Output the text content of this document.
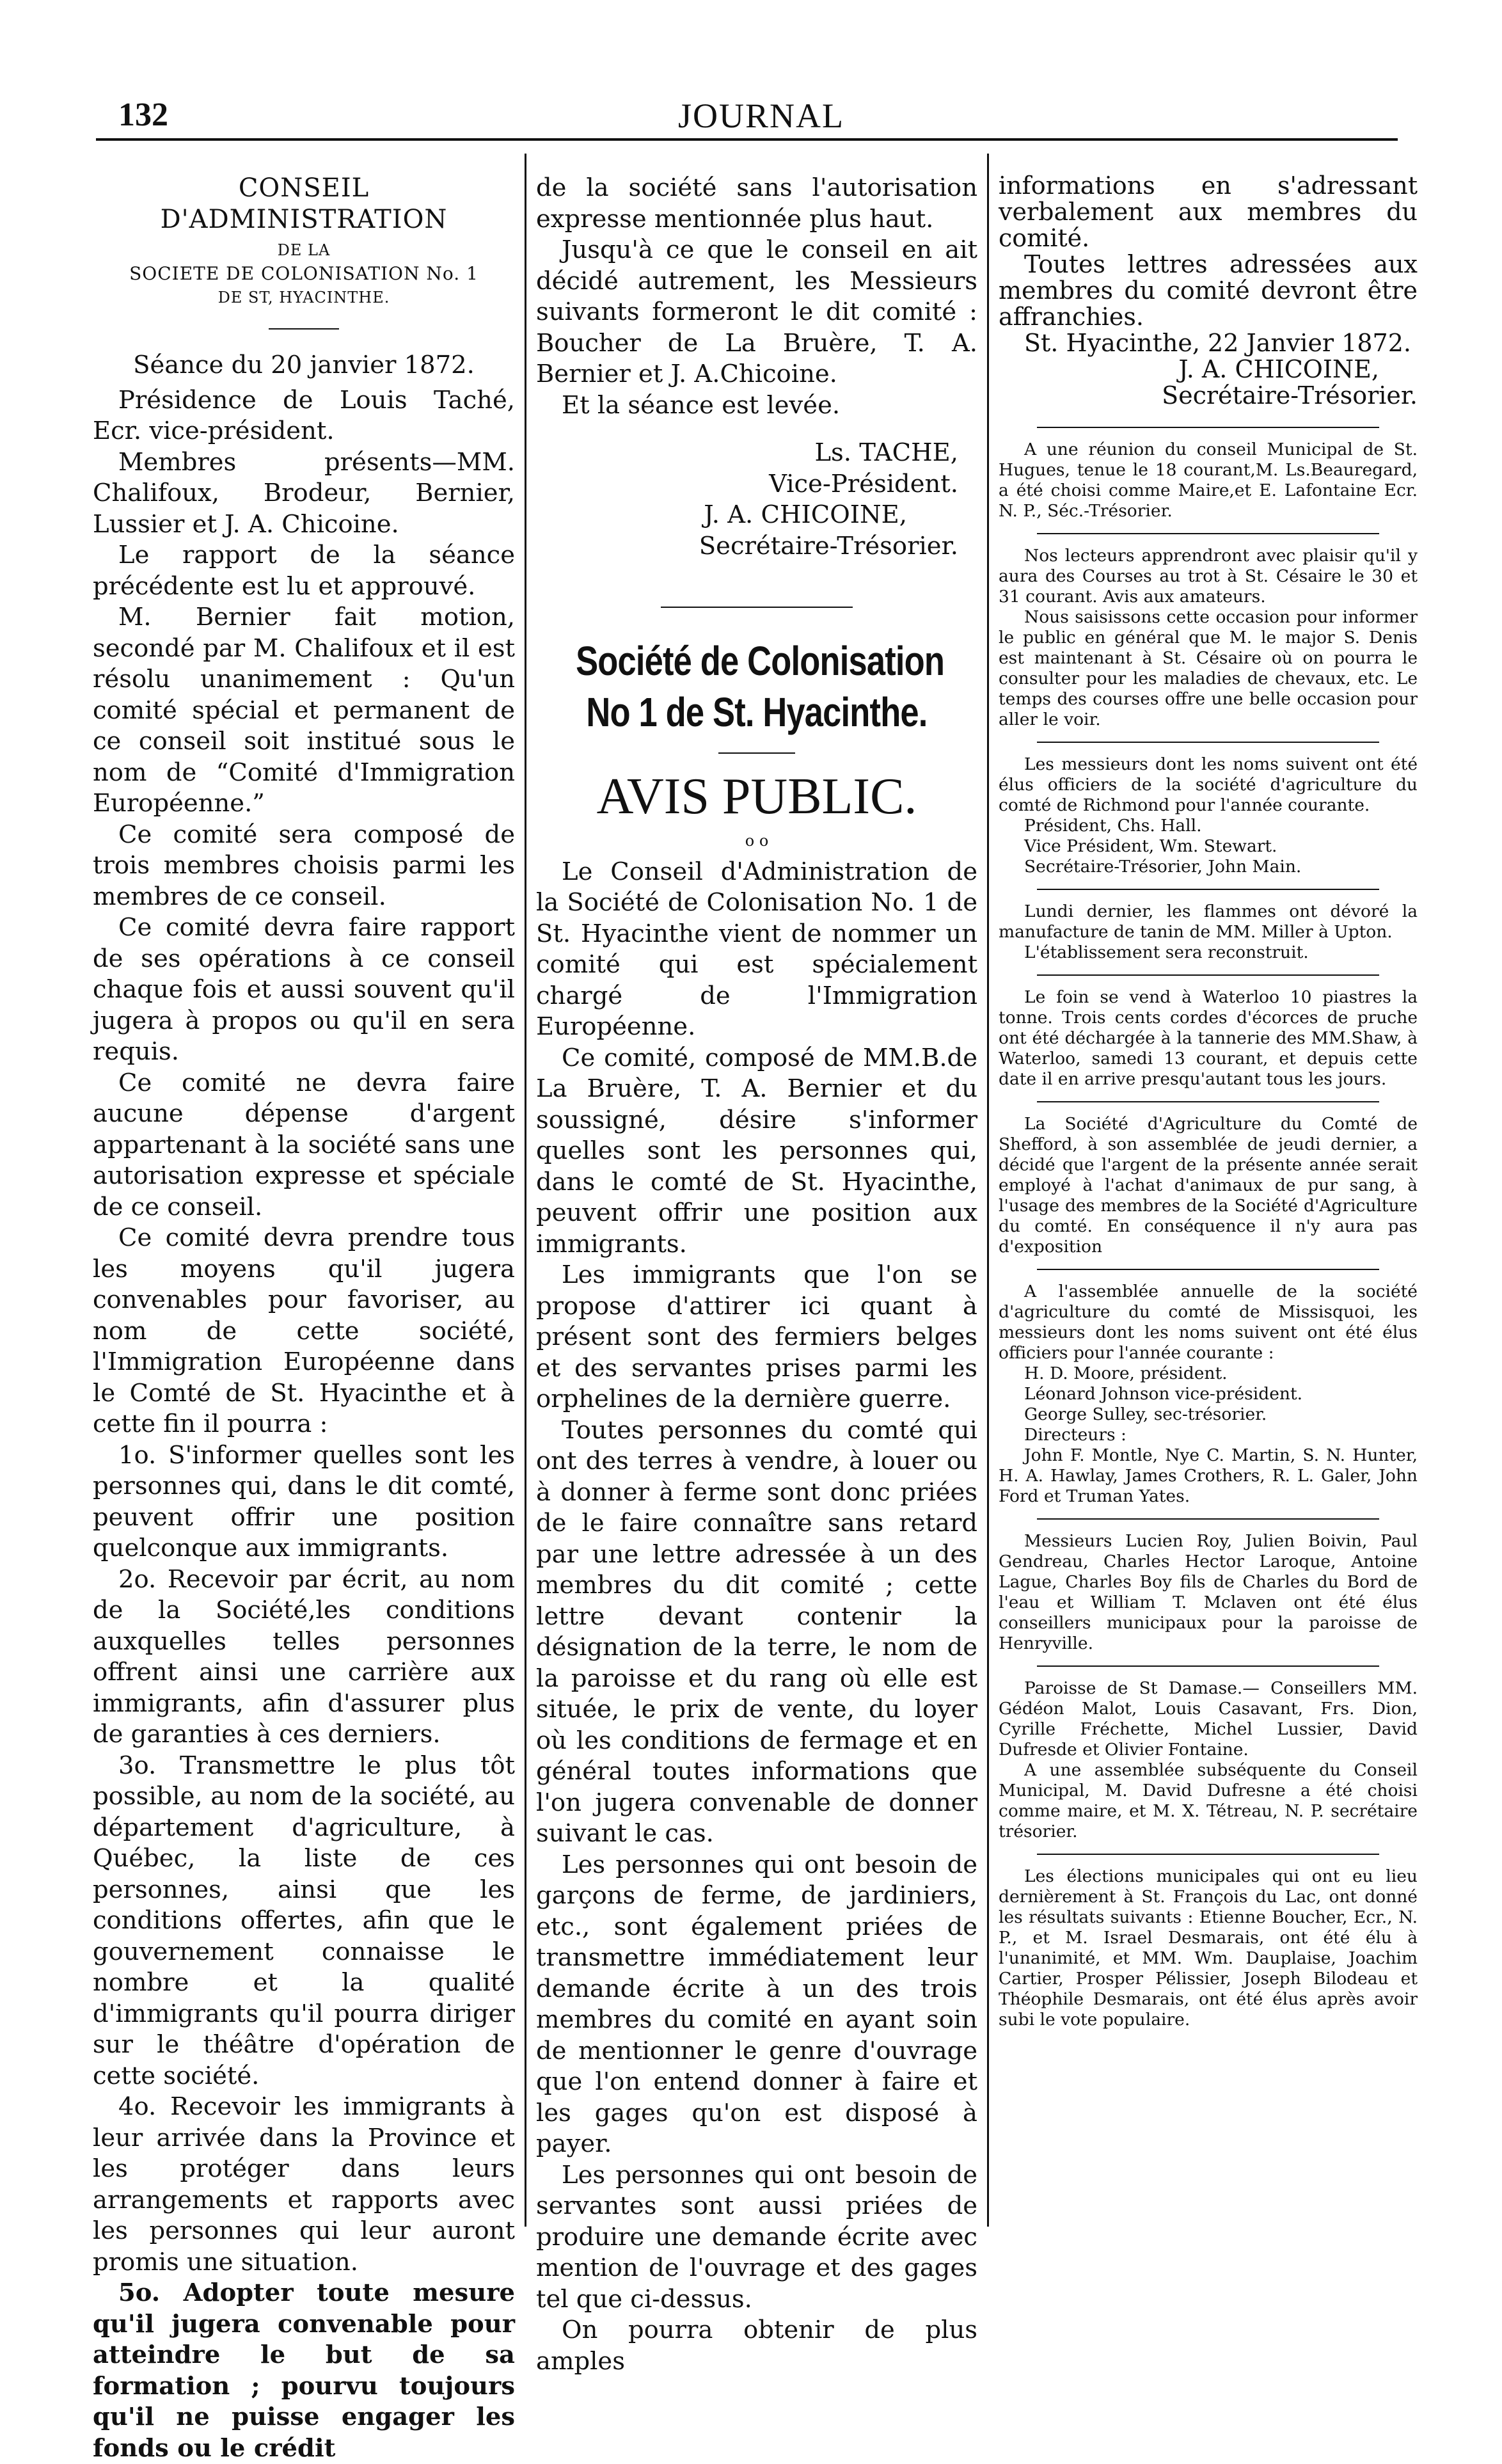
132	JOURNAL

CONSEIL D'ADMINISTRATION

DE LA

SOCIETE DE COLONISATION No. 1

DE ST, HYACINTHE.

Séance du 20 janvier 1872.

Présidence de Louis Taché, Ecr. vice-président.

Membres présents—MM. Chalifoux, Brodeur, Bernier, Lussier et J. A. Chicoine.

Le rapport de la séance précédente est lu et approuvé.

M. Bernier fait motion, secondé par M. Chalifoux et il est résolu unanimement : Qu'un comité spécial et permanent de ce conseil soit institué sous le nom de “Comité d'Immigration Européenne.”

Ce comité sera composé de trois membres choisis parmi les membres de ce conseil.

Ce comité devra faire rapport de ses opérations à ce conseil chaque fois et aussi souvent qu'il jugera à propos ou qu'il en sera requis.

Ce comité ne devra faire aucune dépense d'argent appartenant à la société sans une autorisation expresse et spéciale de ce conseil.

Ce comité devra prendre tous les moyens qu'il jugera convenables pour favoriser, au nom de cette société, l'Immigration Européenne dans le Comté de St. Hyacinthe et à cette fin il pourra :

1o. S'informer quelles sont les personnes qui, dans le dit comté, peuvent offrir une position quelconque aux immigrants.

2o. Recevoir par écrit, au nom de la Société,les conditions auxquelles telles personnes offrent ainsi une carrière aux immigrants, afin d'assurer plus de garanties à ces derniers.

3o. Transmettre le plus tôt possible, au nom de la société, au département d'agriculture, à Québec, la liste de ces personnes, ainsi que les conditions offertes, afin que le gouvernement connaisse le nombre et la qualité d'immigrants qu'il pourra diriger sur le théâtre d'opération de cette société.

4o. Recevoir les immigrants à leur arrivée dans la Province et les protéger dans leurs arrangements et rapports avec les personnes qui leur auront promis une situation.

5o. Adopter toute mesure qu'il jugera convenable pour atteindre le but de sa formation ; pourvu toujours qu'il ne puisse engager les fonds ou le crédit

de la société sans l'autorisation expresse mentionnée plus haut.

Jusqu'à ce que le conseil en ait décidé autrement, les Messieurs suivants formeront le dit comité : Boucher de La Bruère, T. A. Bernier et J. A.Chicoine.

Et la séance est levée.

Ls. TACHE,

Vice-Président.

J. A. CHICOINE,

Secrétaire-Trésorier.

Société de Colonisation

No 1 de St. Hyacinthe.

AVIS PUBLIC.

o o

Le Conseil d'Administration de la Société de Colonisation No. 1 de St. Hyacinthe vient de nommer un comité qui est spécialement chargé de l'Immigration Européenne.

Ce comité, composé de MM.B.de La Bruère, T. A. Bernier et du soussigné, désire s'informer quelles sont les personnes qui, dans le comté de St. Hyacinthe, peuvent offrir une position aux immigrants.

Les immigrants que l'on se propose d'attirer ici quant à présent sont des fermiers belges et des servantes prises parmi les orphelines de la dernière guerre.

Toutes personnes du comté qui ont des terres à vendre, à louer ou à donner à ferme sont donc priées de le faire connaître sans retard par une lettre adressée à un des membres du dit comité ; cette lettre devant contenir la désignation de la terre, le nom de la paroisse et du rang où elle est située, le prix de vente, du loyer où les conditions de fermage et en général toutes informations que l'on jugera convenable de donner suivant le cas.

Les personnes qui ont besoin de garçons de ferme, de jardiniers, etc., sont également priées de transmettre immédiatement leur demande écrite à un des trois membres du comité en ayant soin de mentionner le genre d'ouvrage que l'on entend donner à faire et les gages qu'on est disposé à payer.

Les personnes qui ont besoin de servantes sont aussi priées de produire une demande écrite avec mention de l'ouvrage et des gages tel que ci-dessus.

On pourra obtenir de plus amples

informations en s'adressant verbalement aux membres du comité.

Toutes lettres adressées aux membres du comité devront être affranchies.

St. Hyacinthe, 22 Janvier 1872.

J. A. CHICOINE,

Secrétaire-Trésorier.

A une réunion du conseil Municipal de St. Hugues, tenue le 18 courant,M. Ls.Beauregard, a été choisi comme Maire,et E. Lafontaine Ecr. N. P., Séc.-Trésorier.

Nos lecteurs apprendront avec plaisir qu'il y aura des Courses au trot à St. Césaire le 30 et 31 courant. Avis aux amateurs.

Nous saisissons cette occasion pour informer le public en général que M. le major S. Denis est maintenant à St. Césaire où on pourra le consulter pour les maladies de chevaux, etc. Le temps des courses offre une belle occasion pour aller le voir.

Les messieurs dont les noms suivent ont été élus officiers de la société d'agriculture du comté de Richmond pour l'année courante.

Président, Chs. Hall.

Vice Président, Wm. Stewart.

Secrétaire-Trésorier, John Main.

Lundi dernier, les flammes ont dévoré la manufacture de tanin de MM. Miller à Upton.

L'établissement sera reconstruit.

Le foin se vend à Waterloo 10 piastres la tonne. Trois cents cordes d'écorces de pruche ont été déchargée à la tannerie des MM.Shaw, à Waterloo, samedi 13 courant, et depuis cette date il en arrive presqu'autant tous les jours.

La Société d'Agriculture du Comté de Shefford, à son assemblée de jeudi dernier, a décidé que l'argent de la présente année serait employé à l'achat d'animaux de pur sang, à l'usage des membres de la Société d'Agriculture du comté. En conséquence il n'y aura pas d'exposition

A l'assemblée annuelle de la société d'agriculture du comté de Missisquoi, les messieurs dont les noms suivent ont été élus officiers pour l'année courante :

H. D. Moore, président.

Léonard Johnson vice-président.

George Sulley, sec-trésorier.

Directeurs :

John F. Montle, Nye C. Martin, S. N. Hunter, H. A. Hawlay, James Crothers, R. L. Galer, John Ford et Truman Yates.

Messieurs Lucien Roy, Julien Boivin, Paul Gendreau, Charles Hector Laroque, Antoine Lague, Charles Boy fils de Charles du Bord de l'eau et William T. Mclaven ont été élus conseillers municipaux pour la paroisse de Henryville.

Paroisse de St Damase.— Conseillers MM. Gédéon Malot, Louis Casavant, Frs. Dion, Cyrille Fréchette, Michel Lussier, David Dufresde et Olivier Fontaine.

A une assemblée subséquente du Conseil Municipal, M. David Dufresne a été choisi comme maire, et M. X. Tétreau, N. P. secrétaire trésorier.

Les élections municipales qui ont eu lieu dernièrement à St. François du Lac, ont donné les résultats suivants : Etienne Boucher, Ecr., N. P., et M. Israel Desmarais, ont été élu à l'unanimité, et MM. Wm. Dauplaise, Joachim Cartier, Prosper Pélissier, Joseph Bilodeau et Théophile Desmarais, ont été élus après avoir subi le vote populaire.
